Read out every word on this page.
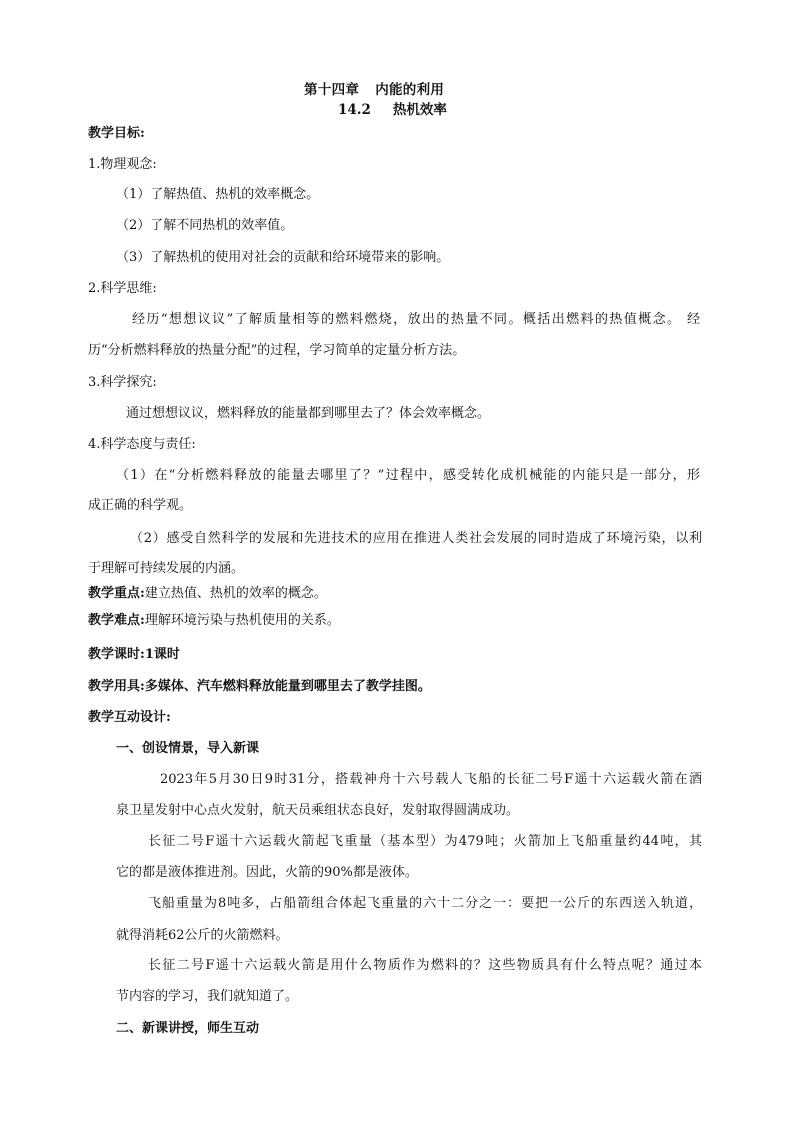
第十四章 内能的利用
14.2 热机效率
教学目标:
1.物理观念:
（1）了解热值、热机的效率概念。
（2）了解不同热机的效率值。
（3）了解热机的使用对社会的贡献和给环境带来的影响。
2.科学思维:
经历“想想议议”了解质量相等的燃料燃烧，放出的热量不同。概括出燃料的热值概念。 经
历“分析燃料释放的热量分配”的过程，学习简单的定量分析方法。
3.科学探究:
通过想想议议，燃料释放的能量都到哪里去了？体会效率概念。
4.科学态度与责任:
（1）在“分析燃料释放的能量去哪里了？”过程中，感受转化成机械能的内能只是一部分，形
成正确的科学观。
（2）感受自然科学的发展和先进技术的应用在推进人类社会发展的同时造成了环境污染，以利
于理解可持续发展的内涵。
教学重点:建立热值、热机的效率的概念。
教学难点:理解环境污染与热机使用的关系。
教学课时:1课时
教学用具:多媒体、汽车燃料释放能量到哪里去了教学挂图。
教学互动设计:
一、创设情景，导入新课
2023年5月30日9时31分，搭载神舟十六号载人飞船的长征二号F遥十六运载火箭在酒
泉卫星发射中心点火发射，航天员乘组状态良好，发射取得圆满成功。
长征二号F遥十六运载火箭起飞重量（基本型）为479吨；火箭加上飞船重量约44吨，其
它的都是液体推进剂。因此，火箭的90%都是液体。
飞船重量为8吨多，占船箭组合体起飞重量的六十二分之一：要把一公斤的东西送入轨道，
就得消耗62公斤的火箭燃料。
长征二号F遥十六运载火箭是用什么物质作为燃料的？这些物质具有什么特点呢？通过本
节内容的学习，我们就知道了。
二、新课讲授，师生互动
